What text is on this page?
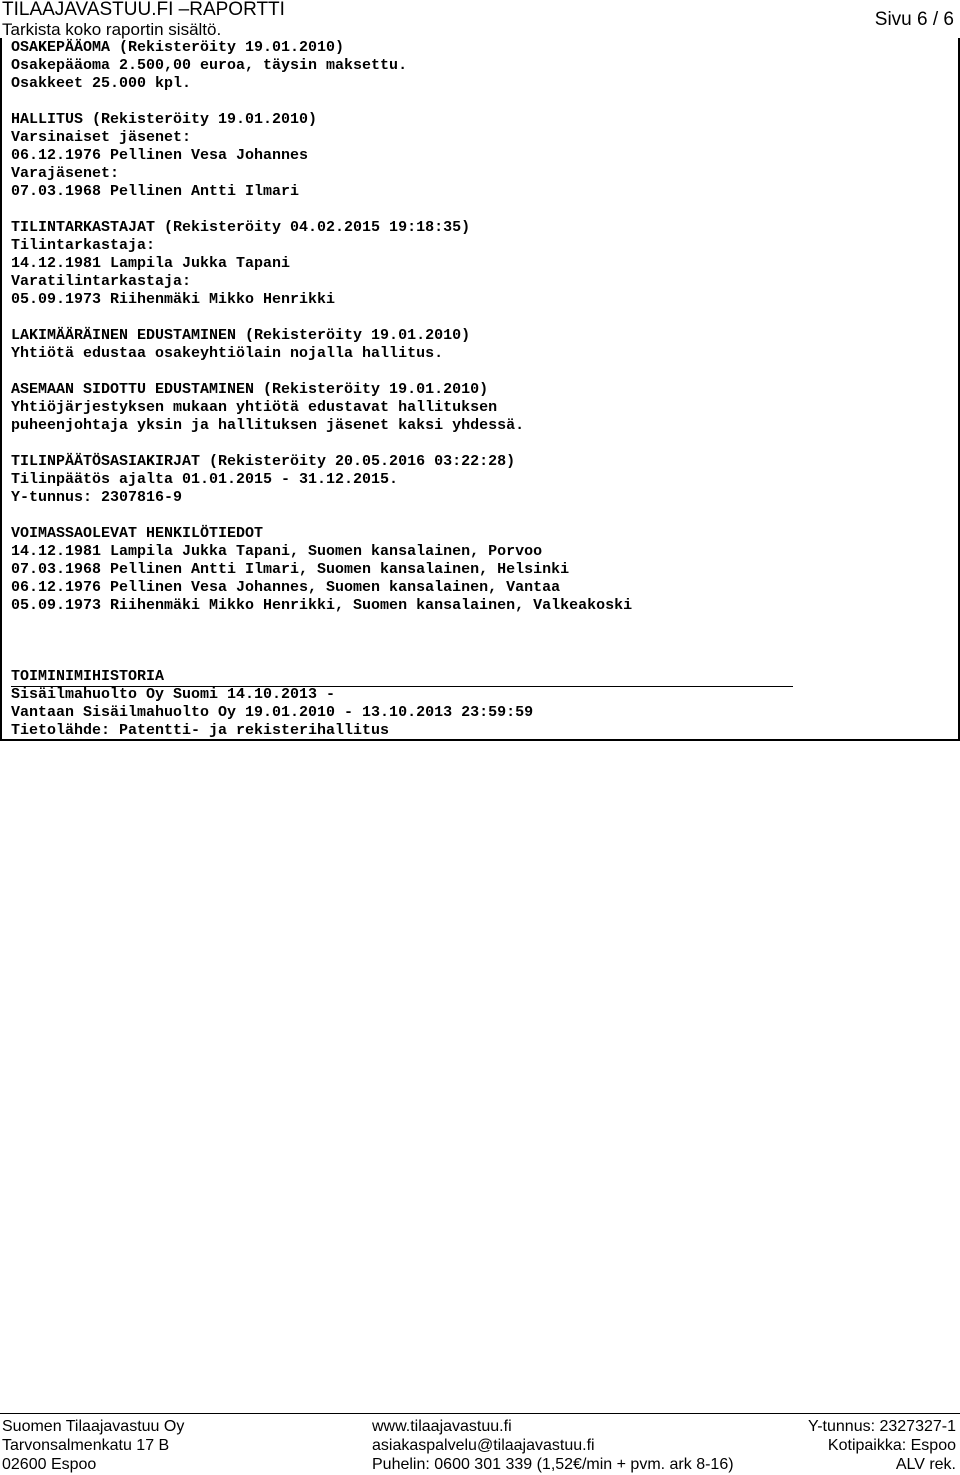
TILAAJAVASTUU.FI –RAPORTTI
Tarkista koko raportin sisältö.	Sivu 6 / 6
OSAKEPÄÄOMA (Rekisteröity 19.01.2010)
Osakepääoma 2.500,00 euroa, täysin maksettu.
Osakkeet 25.000 kpl.
HALLITUS (Rekisteröity 19.01.2010)
Varsinaiset jäsenet:
06.12.1976 Pellinen Vesa Johannes
Varajäsenet:
07.03.1968 Pellinen Antti Ilmari
TILINTARKASTAJAT (Rekisteröity 04.02.2015 19:18:35)
Tilintarkastaja:
14.12.1981 Lampila Jukka Tapani
Varatilintarkastaja:
05.09.1973 Riihenmäki Mikko Henrikki
LAKIMÄÄRÄINEN EDUSTAMINEN (Rekisteröity 19.01.2010)
Yhtiötä edustaa osakeyhtiölain nojalla hallitus.
ASEMAAN SIDOTTU EDUSTAMINEN (Rekisteröity 19.01.2010)
Yhtiöjärjestyksen mukaan yhtiötä edustavat hallituksen
puheenjohtaja yksin ja hallituksen jäsenet kaksi yhdessä.
TILINPÄÄTÖSASIAKIRJAT (Rekisteröity 20.05.2016 03:22:28)
Tilinpäätös ajalta 01.01.2015 - 31.12.2015.
Y-tunnus: 2307816-9
VOIMASSAOLEVAT HENKILÖTIEDOT
14.12.1981 Lampila Jukka Tapani, Suomen kansalainen, Porvoo
07.03.1968 Pellinen Antti Ilmari, Suomen kansalainen, Helsinki
06.12.1976 Pellinen Vesa Johannes, Suomen kansalainen, Vantaa
05.09.1973 Riihenmäki Mikko Henrikki, Suomen kansalainen, Valkeakoski
TOIMINIMIHISTORIA
Sisäilmahuolto Oy Suomi 14.10.2013 -
Vantaan Sisäilmahuolto Oy 19.01.2010 - 13.10.2013 23:59:59
Tietolähde: Patentti- ja rekisterihallitus
Suomen Tilaajavastuu Oy	www.tilaajavastuu.fi	Y-tunnus: 2327327-1
Tarvonsalmenkatu 17 B	asiakaspalvelu@tilaajavastuu.fi	Kotipaikka: Espoo
02600 Espoo	Puhelin: 0600 301 339 (1,52€/min + pvm. ark 8-16)	ALV rek.
